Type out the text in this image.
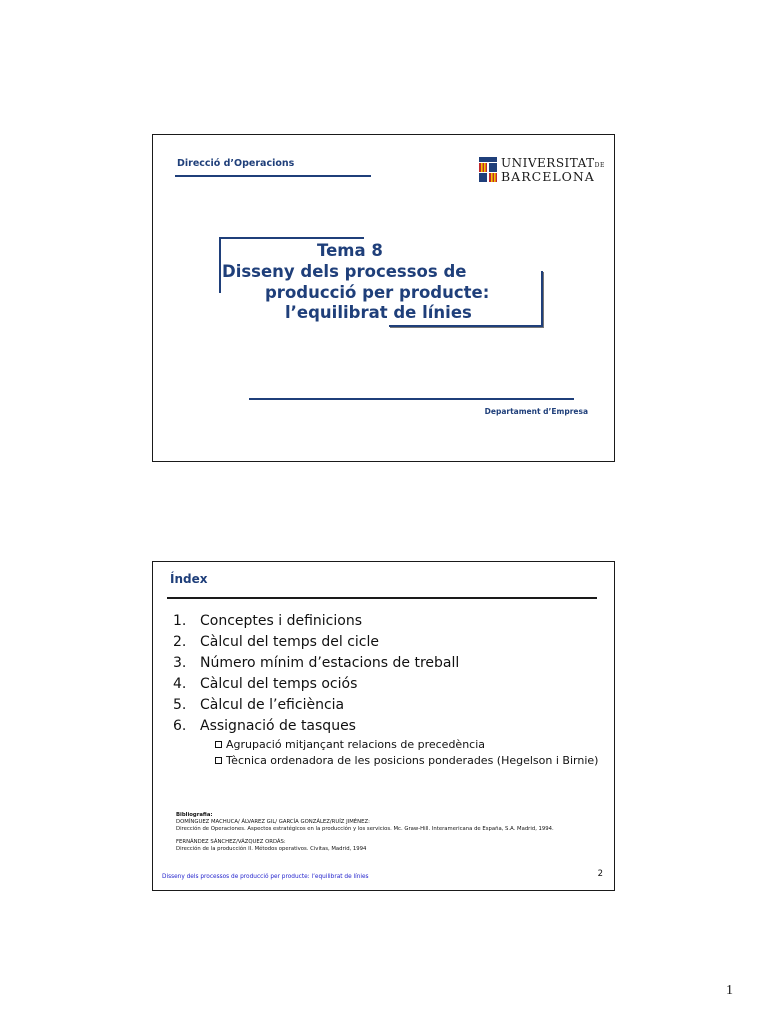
Direcció d’Operacions	UNIVERSITATDE
BARCELONA
Tema 8
Disseny dels processos de
producció per producte:
l’equilibrat de línies
Departament d’Empresa
Índex
1. Conceptes i definicions
2. Càlcul del temps del cicle
3. Número mínim d’estacions de treball
4. Càlcul del temps ociós
5. Càlcul de l’eficiència
6. Assignació de tasques
Agrupació mitjançant relacions de precedència
Tècnica ordenadora de les posicions ponderades (Hegelson i Birnie)
Bibliografia:
DOMÍNGUEZ MACHUCA/ ÁLVAREZ GIL/ GARCÍA GONZÁLEZ/RUÍZ JIMÉNEZ:
Dirección de Operaciones. Aspectos estratégicos en la producción y los servicios. Mc. Graw-Hill. Interamericana de España, S.A. Madrid, 1994.
FERNÁNDEZ SÁNCHEZ/VÁZQUEZ ORDÁS:
Dirección de la producción II. Métodos operativos. Civitas, Madrid, 1994
Disseny dels processos de producció per producte: l’equilibrat de línies	2
1
